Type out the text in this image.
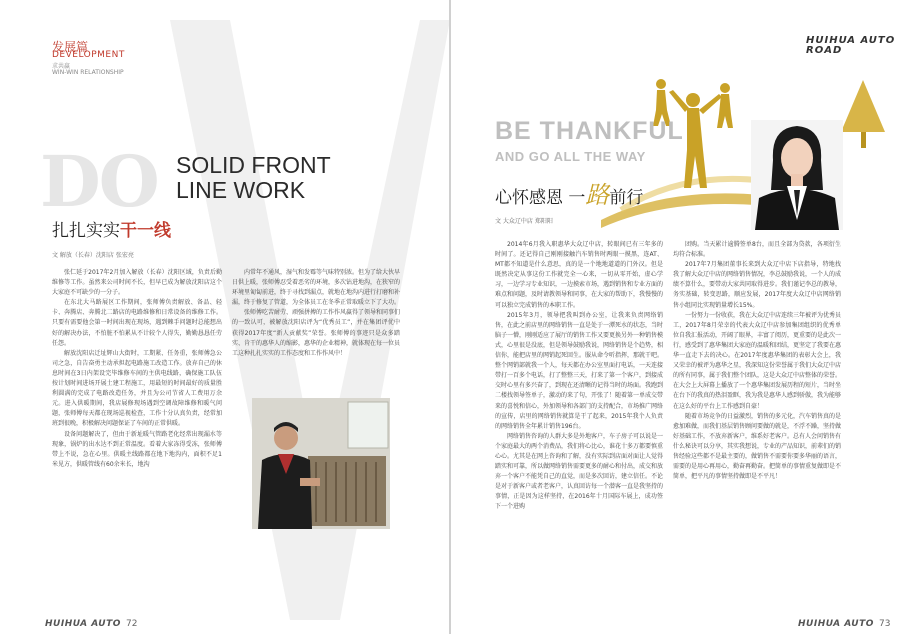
发展篇
DEVELOPMENT
求共赢
WIN-WIN RELATIONSHIP
DO SOLID FRONT
LINE WORK
扎扎实实干一线
文 解放（长春）沈阳店 张宏亮

张仁延于2017年2月加入解放（长春）沈阳区域，负责后勤维修等工作。虽然来公司时间不长，但早已成为解放沈阳店这个大家庭不可缺少的一分子。

在东北大马路展区工作期间，张师傅负责解放、备品、轻卡、奔腾店、奔腾北二路店的电路维修和日常设备的维修工作。只要有需要他会第一时间出现在现场，遇到棘手问题时总能想出好的解决办法，不怕脏不怕累从不计较个人得失，勤勤恳恳任劳任怨。

解放沈阳店迁址辉山大街时，工期紧、任务重，张师傅急公司之急，自告奋勇主动承担起电路施工改造工作。放弃自己的休息时间在3日内架设完毕维修车间的主供电线路，确保施工队伍按计划时间进场开展土建工程施工，用最短的时间最好的质量胜利圆满的完成了电路改造任务，并且为公司节省人工费用万余元。进入供暖期间，我店展修现场遇到空调故障维修和暖气问题，张师傅每天都在现场巡视检查，工作十分认真负责，经常加班到很晚，积极解决问题保证了车间的正常供暖。

设备问题解决了，但由于新址暖气管路老化经常出现漏水等现象，锅炉的出水达不到正常温度。看着大家冻得受冻，张师傅带上不说，急在心里。供暖主线路都在地下地沟内，面积不足1米见方，供暖管线有60余米长，地沟

内常年不通风，湿气和发霉等气味特别浓。但为了给大伙早日供上暖，张师傅忍受着恶劣的环境，多次钻进地沟，在狭窄的环境里匍匐前进，终于寻找到漏点，就地在地沟内进行打磨和补漏，终于修复了管道，为全体员工在冬季正常取暖立下了大功。

张师傅吃苦耐劳、顽强拼搏的工作作风赢得了领导和同事们的一致认可，被解放沈阳店评为“优秀员工”，并在集团评优中获得2017年度“新人贡献奖”荣誉。张师傅的事迹只是众多踏实、肯干的惠华人的缩影，惠华的企业精神，就体现在每一位员工这种扎扎实实的工作态度和工作作风中！

HUIHUA AUTO 72
HUIHUA AUTO
ROAD
BE THANKFUL
AND GO ALL THE WAY
心怀感恩 一路前行
文 大众辽中店 郑阳阳

2014年6月我入职惠华大众辽中店，转眼间已有三年多的时间了。还记得自己刚刚接触汽车销售时两眼一摸黑，连AT、MT都不知道是什么意思，真的是一个地地道道的门外汉。但是既然决定从事这份工作就完全一心来，一切从零开始，虚心学习，一边学习专业知识，一边摸索市场，遇到销售和专业方面的难点和问题，及时请教领导和同事，在大家的帮助下，我慢慢的可以独立完成销售的本职工作。

2015年3月，领导把我叫到办公室，让我来负责网络销售，在此之前店里的网络销售一直是处于一潭死水的状态，当时脑子一懵，刚刚适应了展厅的销售工作又要更换另外一种销售模式，心里很是没底，但是领导鼓励我说，网络销售是个趋势，相信你，能把店里的网销起死回生。服从命令听指挥，那就干吧。整个网销部就我一个人，每天都在办公室里面打电话，一天连接带打一百多个电话，打了整整三天，打来了第一个客户，到接成交时心里有多兴奋了，到现在还清晰的记得当时的场面。我跑到二楼找领导签单子，激动的来了句，开张了！随着第一单成交带来的喜悦和信心，外加领导和各部门的支持配合，市场推广网络的宣传，店里的网络销售就算是干了起来，2015年我个人负责的网络销售全年累计销售196台。

网络销售咨询的人群大多是外地客户，车子房子可以说是一个家庭最大的两个消费品，我们将心比心，谁花十多万都要慎重心心。尤其是在网上咨询和了解，没有实际到店面对面让人觉得踏实和可靠，所以做网络销售需要更多的耐心和付出，成交和放弃一个客户不能凭自己的直觉，而是多次回访，建立信任。不论是对于新客户或者老客户，认真回访每一个潜客一直是我坚持的事情，正是因为这样坚持，在2016年十月国际车展上，成功签下一个进购

团购。当天累计逾腾签单8台，而且全部为贷款，各项衍生均符合标准。

2017年7月集团董事长来到大众辽中店下店指导，特地找我了解大众辽中店的网络销售情况，李总鼓励我说，一个人的成绩不算什么，要带动大家共同取得进步。我们谨记李总的教导，务实基础，转变思路，顺应发展，2017年度大众辽中店网络销售小组同比实现销量增长15%。

一份努力一份收获，我在大众辽中店连续三年被评为优秀员工，2017年8月荣幸的代表大众辽中店参加集团组织的优秀单位自我汇报活动，开阔了眼界，丰富了阅历，更重要的是此次一行，感受到了惠华集团大家庭的温暖和团结，更坚定了我要在惠华一直走下去的决心。在2017年度惠华集团的表彰大会上，我又荣幸的被评为惠华之星，我深知这份荣誉属于我们大众辽中店的所有同事，属于我们整个团队，这是大众辽中店整体的荣誉。在大会上大屏幕上播放了一个惠华集团发展历程的短片，当时坐在台下的我真的热泪盈眶，我为我是惠华人感到骄傲，我为能够在这么好的平台上工作感到自豪！

随着市场竞争的日益激烈，销售的多元化，汽车销售真的是愈加难做，而我们基层销售顾问要做的就是，不浮不躁，坚持做好基础工作，不放弃新客户，维系好老客户。总有人会问销售有什么秘诀可以分享，其实我想说，专业的产品知识，前辈们的销售经验这些都不是最主要的，做销售不需要你要多华丽的语言，需要的是用心再用心，勤奋再勤奋。把简单的事情重复做即是不简单，把平凡的事情坚持做即是不平凡！

HUIHUA AUTO 73
